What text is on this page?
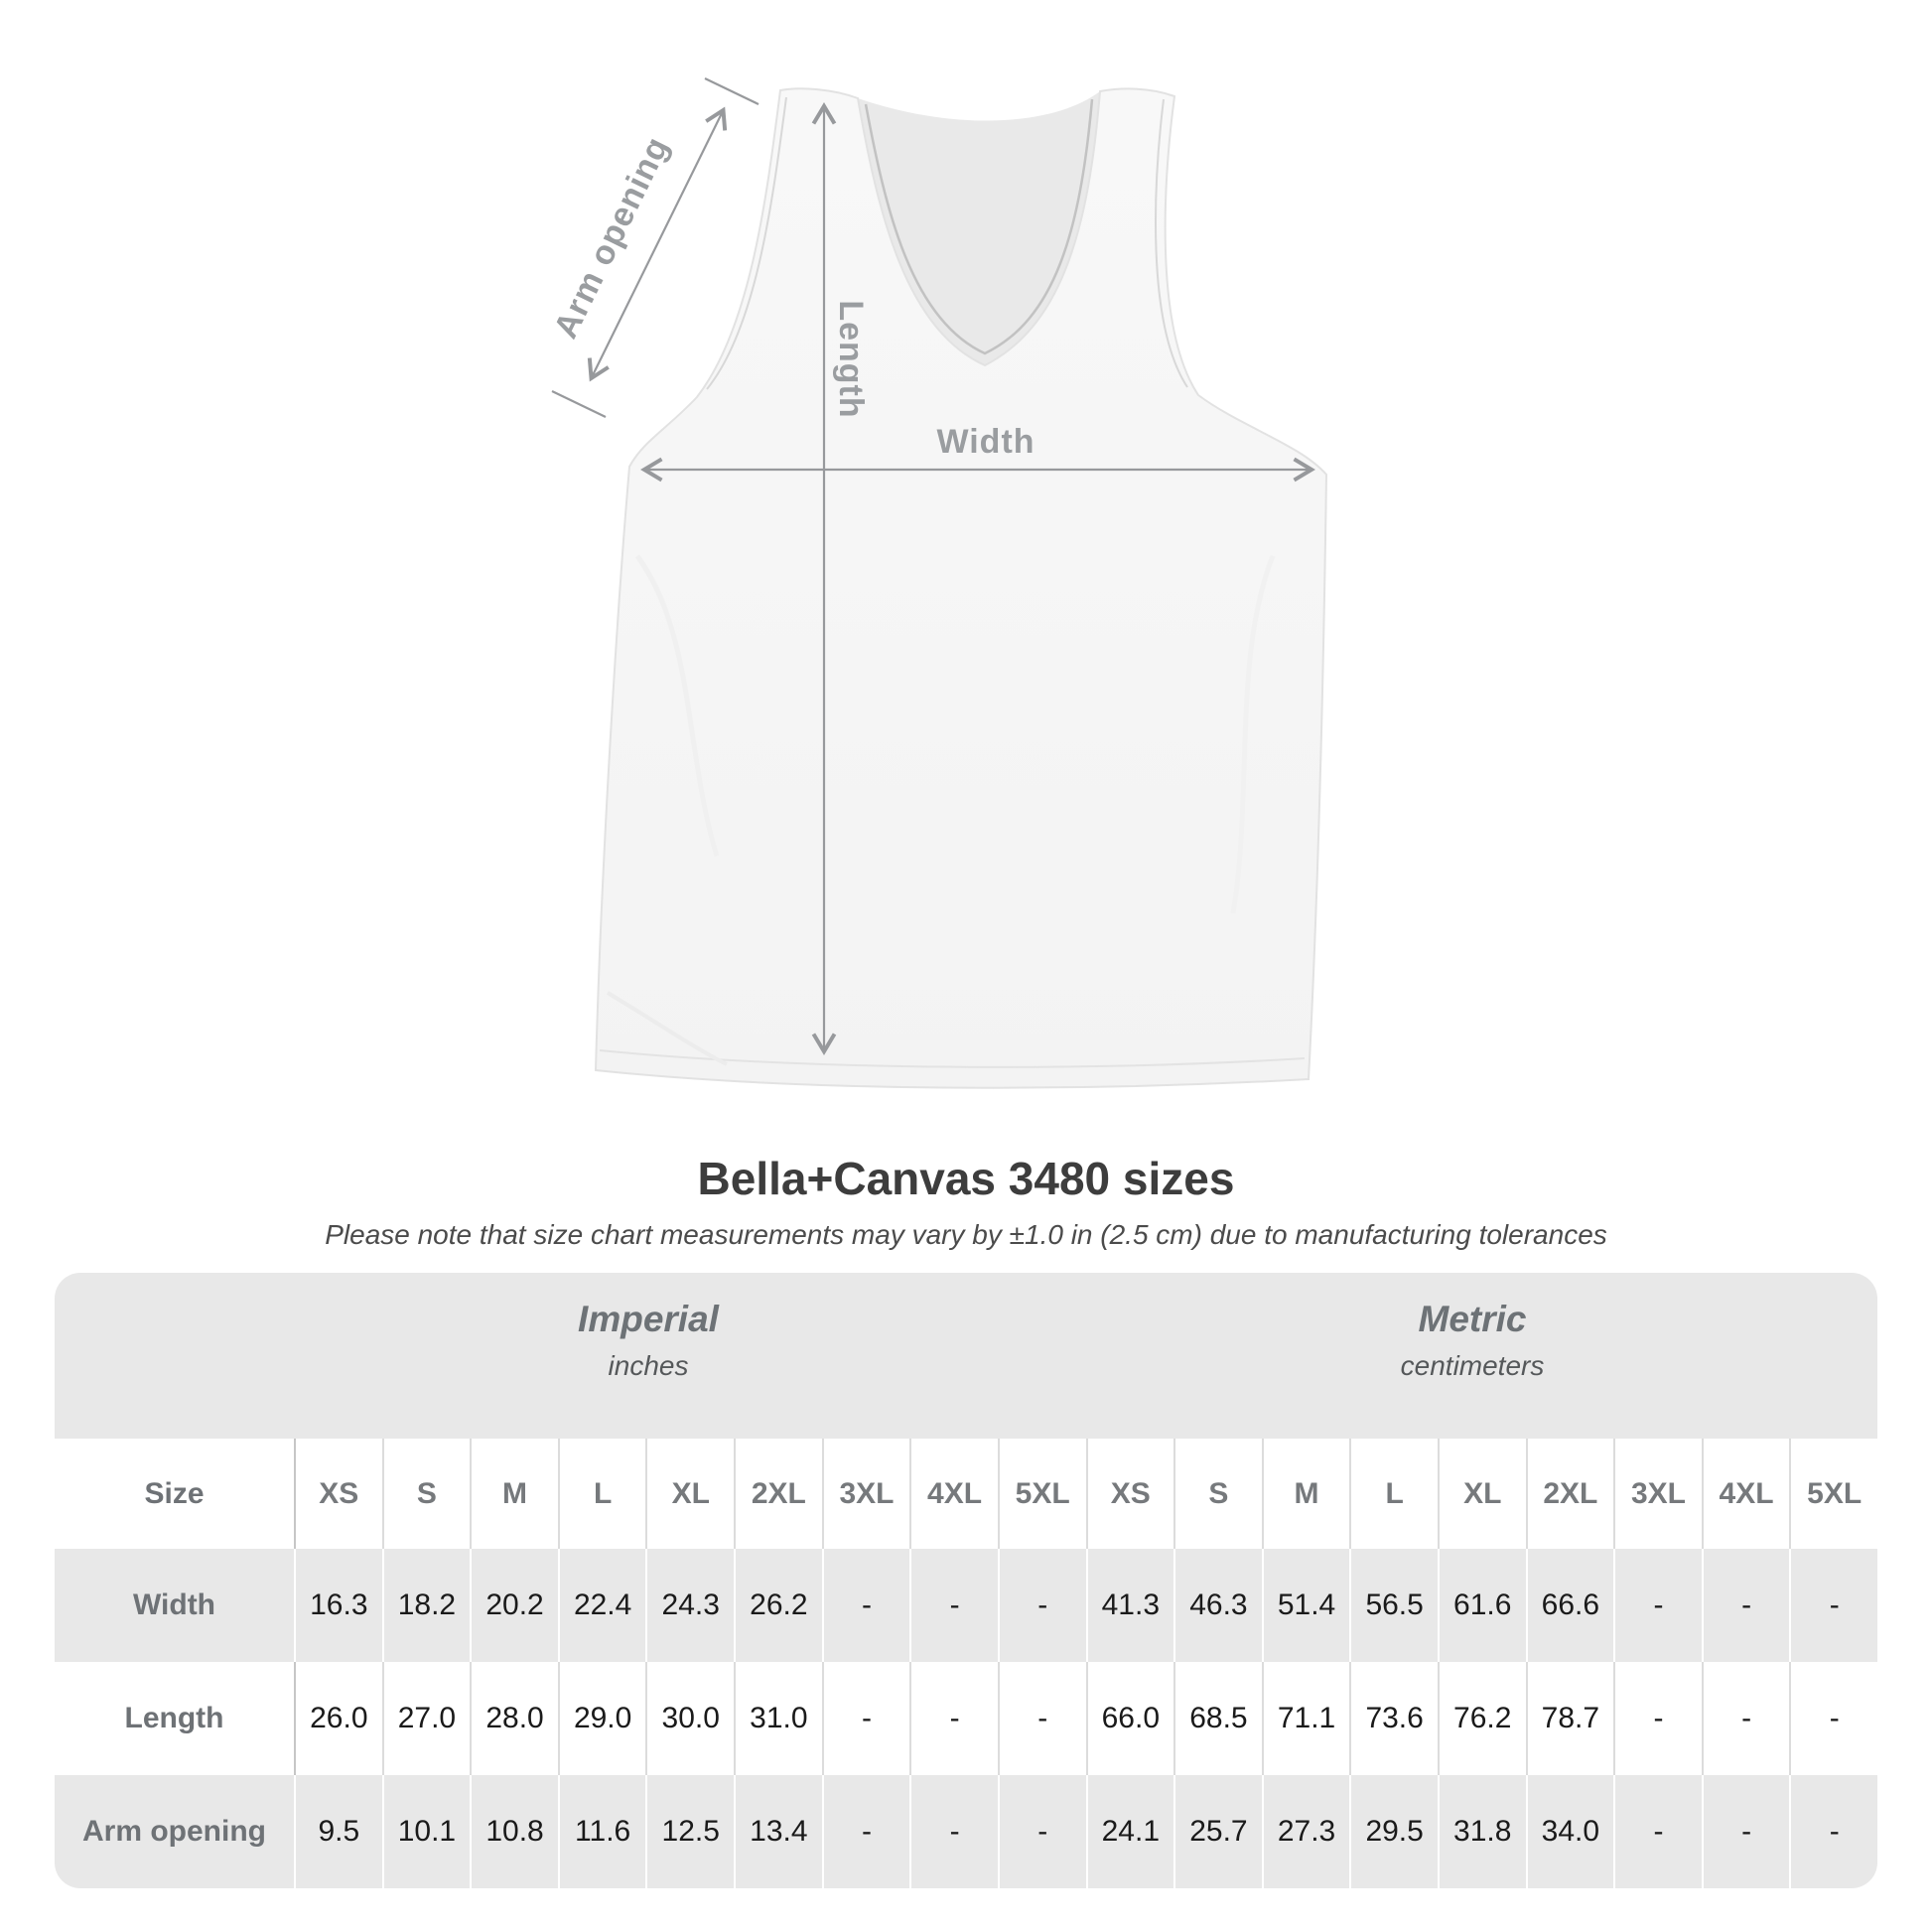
Arm opening
Length
Width
Bella+Canvas 3480 sizes

Please note that size chart measurements may vary by ±1.0 in (2.5 cm) due to manufacturing tolerances

Imperial
inches
Metric
centimeters
Size	XS	S	M	L	XL	2XL	3XL	4XL	5XL	XS	S	M	L	XL	2XL	3XL	4XL	5XL
Width	16.3	18.2	20.2	22.4	24.3	26.2	-	-	-	41.3	46.3	51.4	56.5	61.6	66.6	-	-	-
Length	26.0	27.0	28.0	29.0	30.0	31.0	-	-	-	66.0	68.5	71.1	73.6	76.2	78.7	-	-	-
Arm opening	9.5	10.1	10.8	11.6	12.5	13.4	-	-	-	24.1	25.7	27.3	29.5	31.8	34.0	-	-	-
